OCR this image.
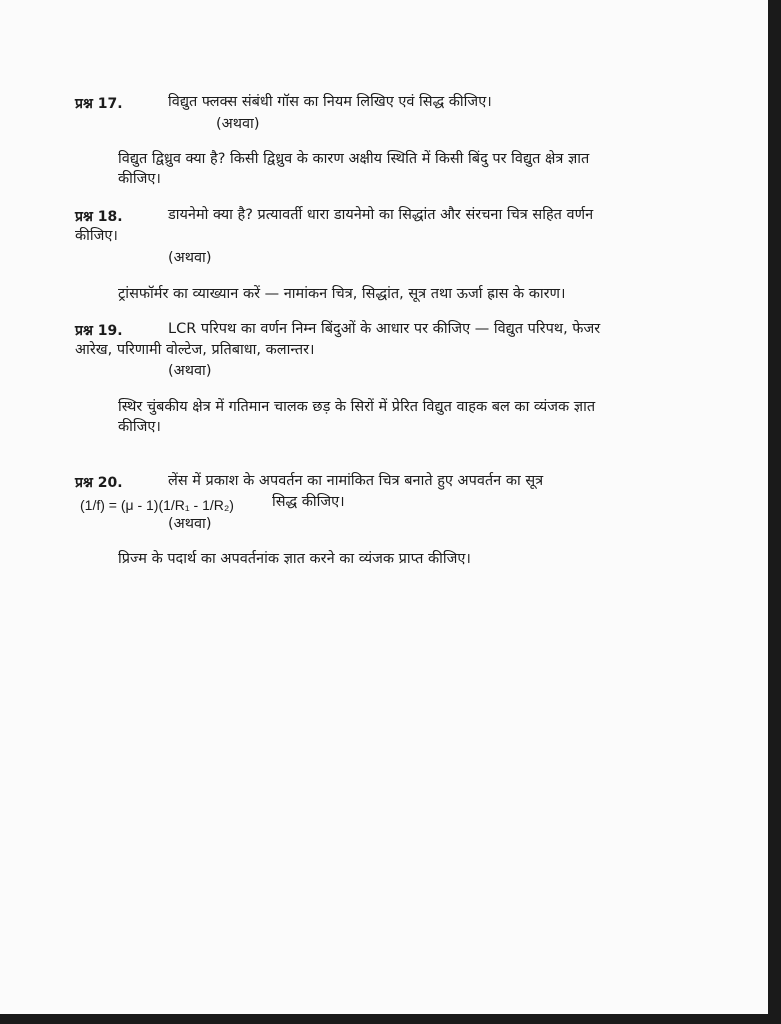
प्रश्न 17.	विद्युत फ्लक्स संबंधी गॉस का नियम लिखिए एवं सिद्ध कीजिए।
(अथवा)
विद्युत द्विध्रुव क्या है? किसी द्विध्रुव के कारण अक्षीय स्थिति में किसी बिंदु पर विद्युत क्षेत्र ज्ञात
कीजिए।
प्रश्न 18.	डायनेमो क्या है? प्रत्यावर्ती धारा डायनेमो का सिद्धांत और संरचना चित्र सहित वर्णन
कीजिए।
(अथवा)
ट्रांसफॉर्मर का व्याख्यान करें — नामांकन चित्र, सिद्धांत, सूत्र तथा ऊर्जा ह्रास के कारण।
प्रश्न 19.	LCR परिपथ का वर्णन निम्न बिंदुओं के आधार पर कीजिए — विद्युत परिपथ, फेजर
आरेख, परिणामी वोल्टेज, प्रतिबाधा, कलान्तर।
(अथवा)
स्थिर चुंबकीय क्षेत्र में गतिमान चालक छड़ के सिरों में प्रेरित विद्युत वाहक बल का व्यंजक ज्ञात
कीजिए।
प्रश्न 20.	लेंस में प्रकाश के अपवर्तन का नामांकित चित्र बनाते हुए अपवर्तन का सूत्र
(1/f) = (μ - 1)(1/R₁ - 1/R₂)	सिद्ध कीजिए।
(अथवा)
प्रिज्म के पदार्थ का अपवर्तनांक ज्ञात करने का व्यंजक प्राप्त कीजिए।
